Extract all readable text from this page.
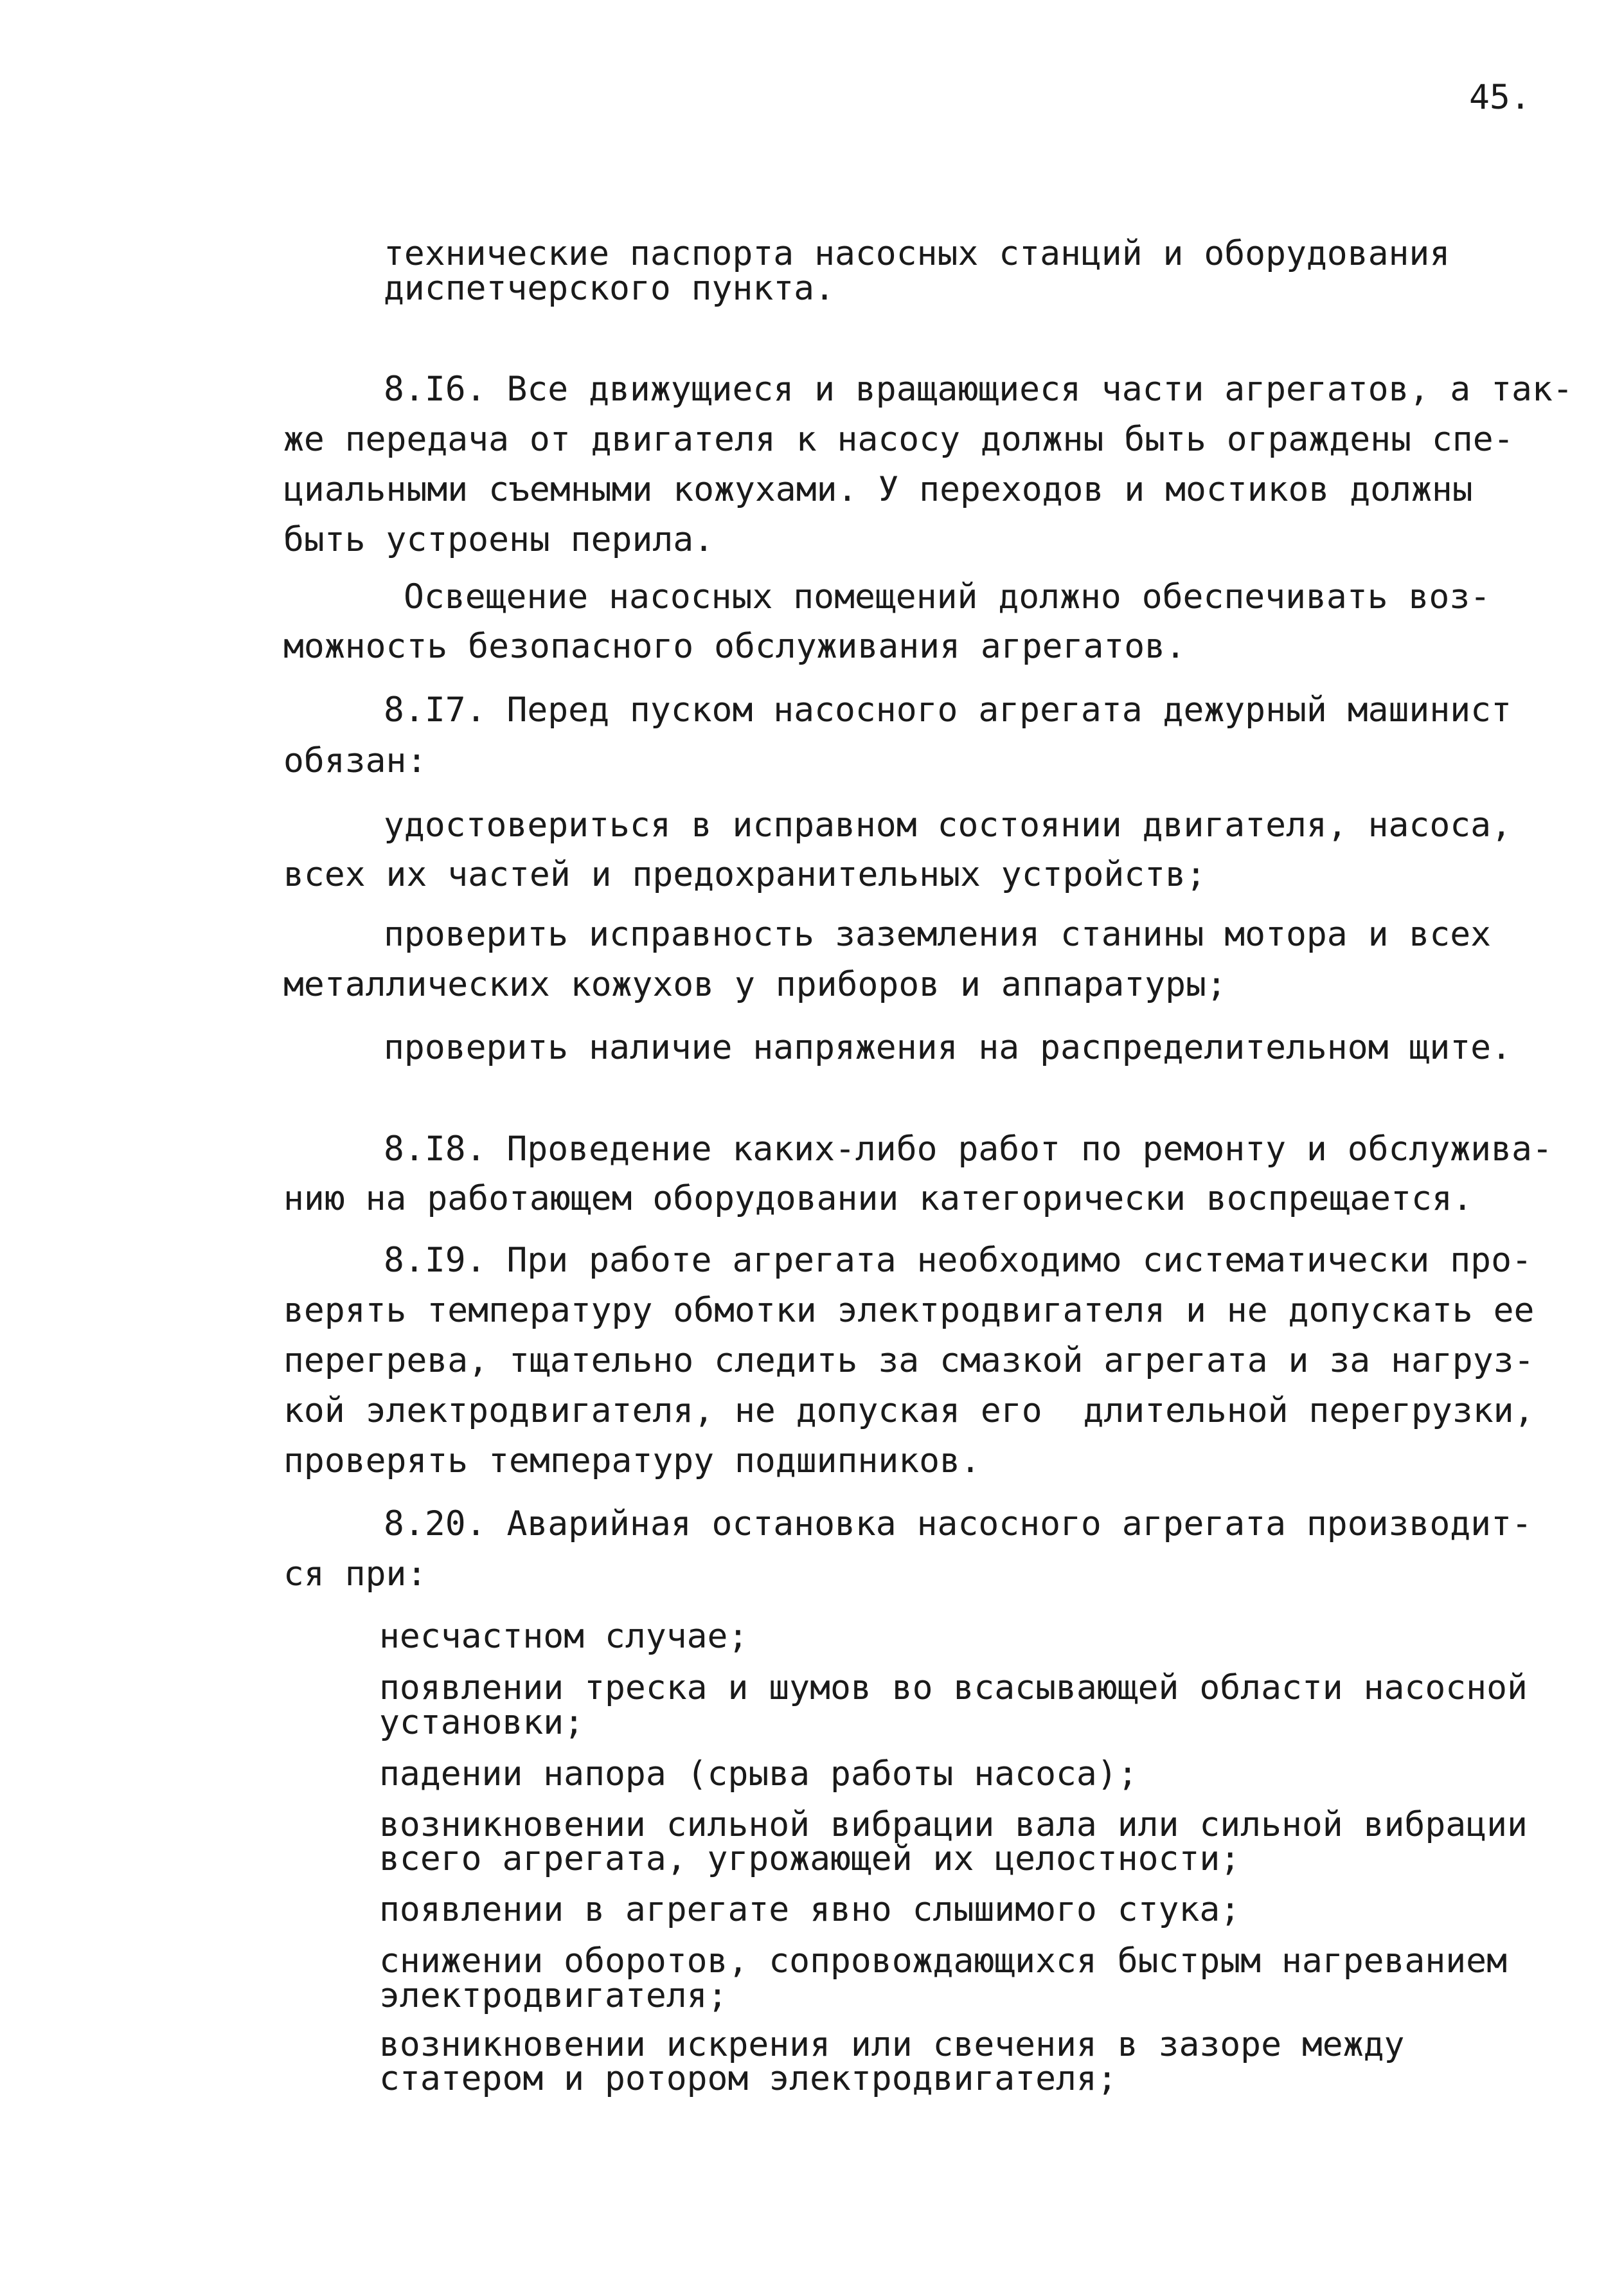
45.

технические паспорта насосных станций и оборудования

диспетчерского пункта.

8.I6. Все движущиеся и вращающиеся части агрегатов, а так-

же передача от двигателя к насосу должны быть ограждены спе-

циальными съемными кожухами. У переходов и мостиков должны

быть устроены перила.

Освещение насосных помещений должно обеспечивать воз-

можность безопасного обслуживания агрегатов.

8.I7. Перед пуском насосного агрегата дежурный машинист

обязан:

удостовериться в исправном состоянии двигателя, насоса,

всех их частей и предохранительных устройств;

проверить исправность заземления станины мотора и всех

металлических кожухов у приборов и аппаратуры;

проверить наличие напряжения на распределительном щите.

8.I8. Проведение каких-либо работ по ремонту и обслужива-

нию на работающем оборудовании категорически воспрещается.

8.I9. При работе агрегата необходимо систематически про-

верять температуру обмотки электродвигателя и не допускать ее

перегрева, тщательно следить за смазкой агрегата и за нагруз-

кой электродвигателя, не допуская его  длительной перегрузки,

проверять температуру подшипников.

8.20. Аварийная остановка насосного агрегата производит-

ся при:

несчастном случае;

появлении треска и шумов во всасывающей области насосной

установки;

падении напора (срыва работы насоса);

возникновении сильной вибрации вала или сильной вибрации

всего агрегата, угрожающей их целостности;

появлении в агрегате явно слышимого стука;

снижении оборотов, сопровождающихся быстрым нагреванием

электродвигателя;

возникновении искрения или свечения в зазоре между

статером и ротором электродвигателя;
